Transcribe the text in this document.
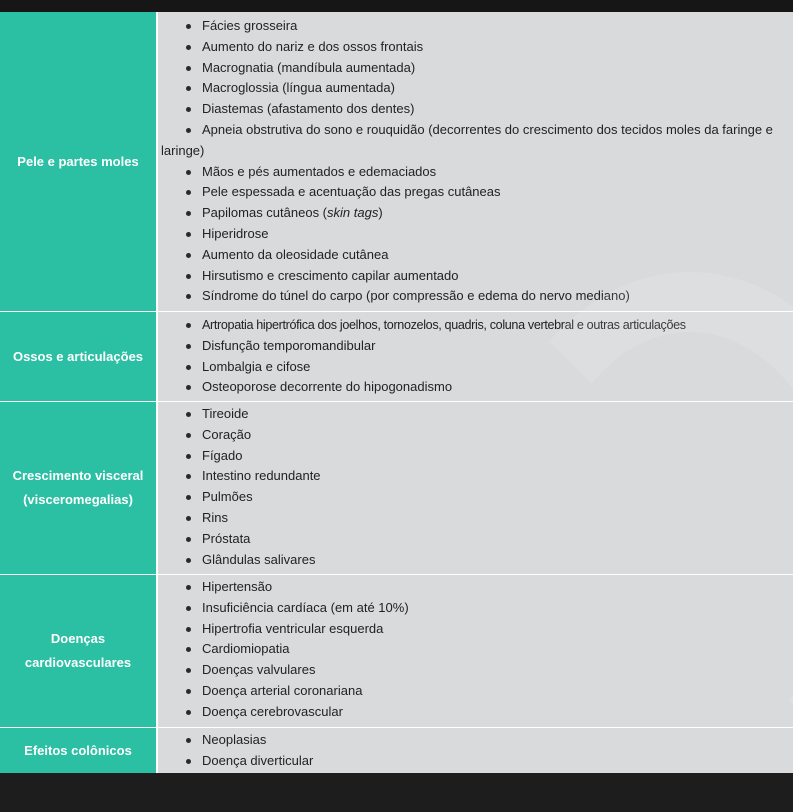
Pele e partes moles
Fácies grosseira
Aumento do nariz e dos ossos frontais
Macrognatia (mandíbula aumentada)
Macroglossia (língua aumentada)
Diastemas (afastamento dos dentes)
Apneia obstrutiva do sono e rouquidão (decorrentes do crescimento dos tecidos moles da faringe e laringe)
Mãos e pés aumentados e edemaciados
Pele espessada e acentuação das pregas cutâneas
Papilomas cutâneos (skin tags)
Hiperidrose
Aumento da oleosidade cutânea
Hirsutismo e crescimento capilar aumentado
Síndrome do túnel do carpo (por compressão e edema do nervo mediano)
Ossos e articulações
Artropatia hipertrófica dos joelhos, tornozelos, quadris, coluna vertebral e outras articulações
Disfunção temporomandibular
Lombalgia e cifose
Osteoporose decorrente do hipogonadismo
Crescimento visceral
(visceromegalias)
Tireoide
Coração
Fígado
Intestino redundante
Pulmões
Rins
Próstata
Glândulas salivares
Doenças
cardiovasculares
Hipertensão
Insuficiência cardíaca (em até 10%)
Hipertrofia ventricular esquerda
Cardiomiopatia
Doenças valvulares
Doença arterial coronariana
Doença cerebrovascular
Efeitos colônicos
Neoplasias
Doença diverticular
